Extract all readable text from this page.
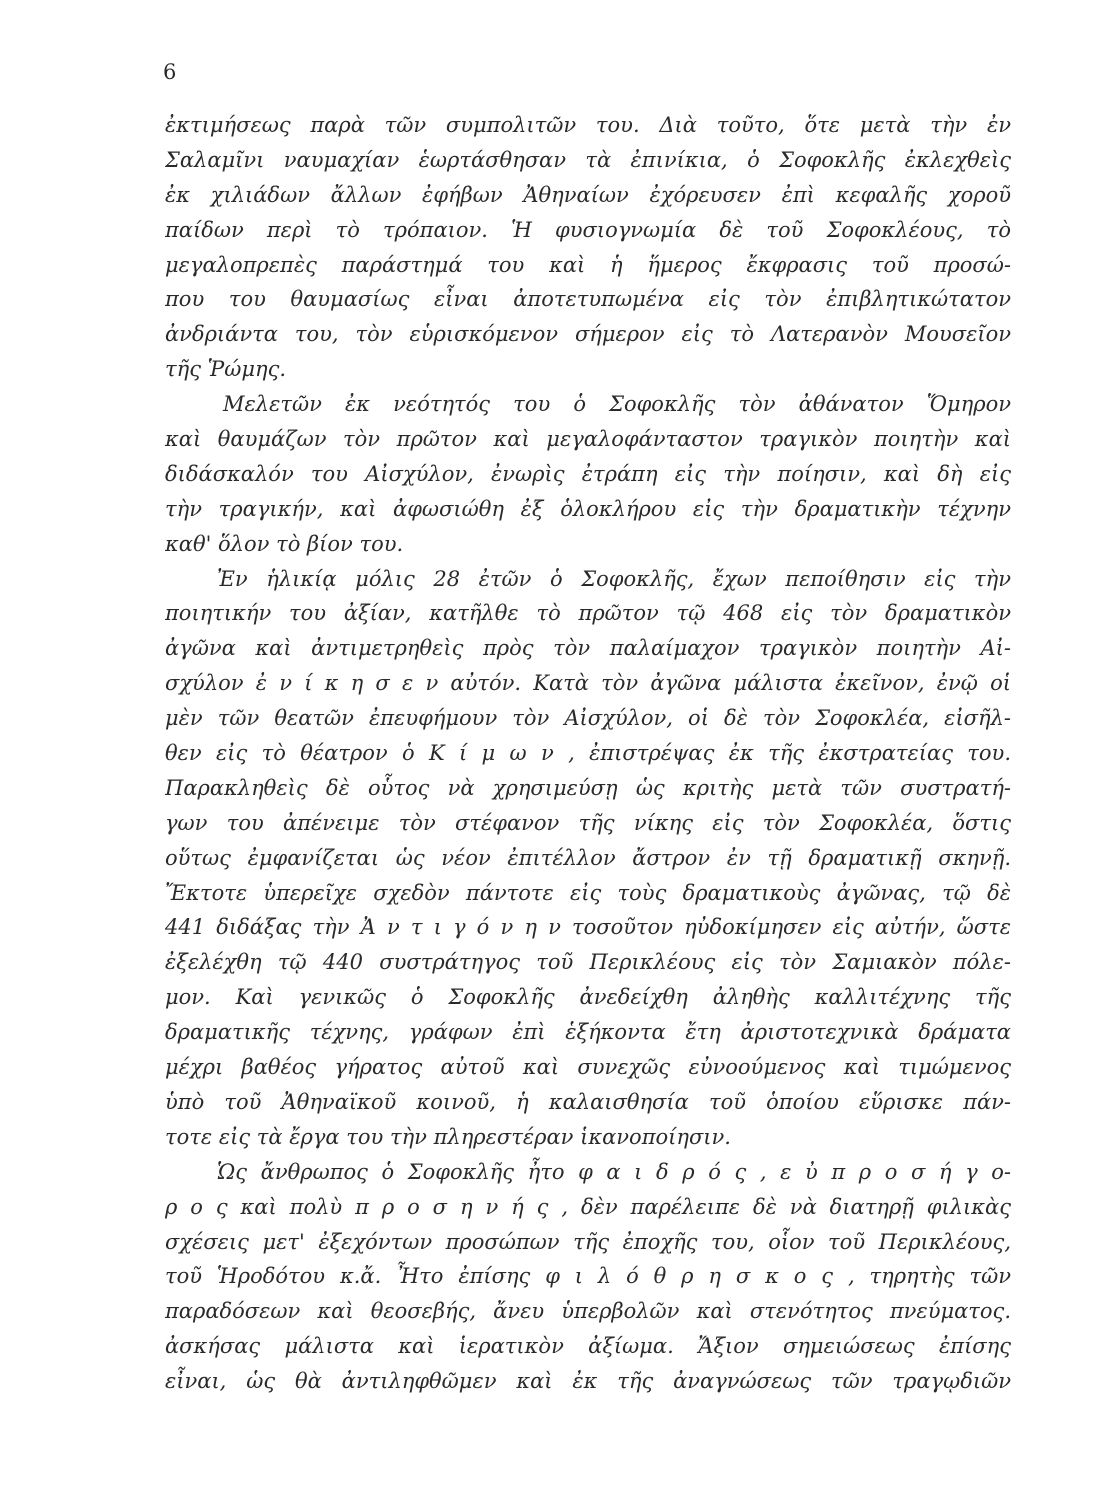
6
ἐκτιμήσεως παρὰ τῶν συμπολιτῶν του. Διὰ τοῦτο, ὅτε μετὰ τὴν ἐν
Σαλαμῖνι ναυμαχίαν ἑωρτάσθησαν τὰ ἐπινίκια, ὁ Σοφοκλῆς ἐκλεχθεὶς
ἐκ χιλιάδων ἄλλων ἐφήβων Ἀθηναίων ἐχόρευσεν ἐπὶ κεφαλῆς χοροῦ
παίδων περὶ τὸ τρόπαιον. Ἡ φυσιογνωμία δὲ τοῦ Σοφοκλέους, τὸ
μεγαλοπρεπὲς παράστημά του καὶ ἡ ἥμερος ἔκφρασις τοῦ προσώ-
που του θαυμασίως εἶναι ἀποτετυπωμένα εἰς τὸν ἐπιβλητικώτατον
ἀνδριάντα του, τὸν εὑρισκόμενον σήμερον εἰς τὸ Λατερανὸν Μουσεῖον
τῆς Ῥώμης.
Μελετῶν ἐκ νεότητός του ὁ Σοφοκλῆς τὸν ἀθάνατον Ὅμηρον
καὶ θαυμάζων τὸν πρῶτον καὶ μεγαλοφάνταστον τραγικὸν ποιητὴν καὶ
διδάσκαλόν του Αἰσχύλον, ἐνωρὶς ἐτράπη εἰς τὴν ποίησιν, καὶ δὴ εἰς
τὴν τραγικήν, καὶ ἀφωσιώθη ἐξ ὁλοκλήρου εἰς τὴν δραματικὴν τέχνην
καθ' ὅλον τὸ βίον του.
Ἐν ἡλικίᾳ μόλις 28 ἐτῶν ὁ Σοφοκλῆς, ἔχων πεποίθησιν εἰς τὴν
ποιητικήν του ἀξίαν, κατῆλθε τὸ πρῶτον τῷ 468 εἰς τὸν δραματικὸν
ἀγῶνα καὶ ἀντιμετρηθεὶς πρὸς τὸν παλαίμαχον τραγικὸν ποιητὴν Αἰ-
σχύλον ἐ ν ί κ η σ ε ν αὐτόν. Κατὰ τὸν ἀγῶνα μάλιστα ἐκεῖνον, ἐνῷ οἱ
μὲν τῶν θεατῶν ἐπευφήμουν τὸν Αἰσχύλον, οἱ δὲ τὸν Σοφοκλέα, εἰσῆλ-
θεν εἰς τὸ θέατρον ὁ Κ ί μ ω ν , ἐπιστρέψας ἐκ τῆς ἐκστρατείας του.
Παρακληθεὶς δὲ οὗτος νὰ χρησιμεύσῃ ὡς κριτὴς μετὰ τῶν συστρατή-
γων του ἀπένειμε τὸν στέφανον τῆς νίκης εἰς τὸν Σοφοκλέα, ὅστις
οὕτως ἐμφανίζεται ὡς νέον ἐπιτέλλον ἄστρον ἐν τῇ δραματικῇ σκηνῇ.
Ἔκτοτε ὑπερεῖχε σχεδὸν πάντοτε εἰς τοὺς δραματικοὺς ἀγῶνας, τῷ δὲ
441 διδάξας τὴν Ἀ ν τ ι γ ό ν η ν τοσοῦτον ηὐδοκίμησεν εἰς αὐτήν, ὥστε
ἐξελέχθη τῷ 440 συστράτηγος τοῦ Περικλέους εἰς τὸν Σαμιακὸν πόλε-
μον. Καὶ γενικῶς ὁ Σοφοκλῆς ἀνεδείχθη ἀληθὴς καλλιτέχνης τῆς
δραματικῆς τέχνης, γράφων ἐπὶ ἑξήκοντα ἔτη ἀριστοτεχνικὰ δράματα
μέχρι βαθέος γήρατος αὐτοῦ καὶ συνεχῶς εὐνοούμενος καὶ τιμώμενος
ὑπὸ τοῦ Ἀθηναϊκοῦ κοινοῦ, ἡ καλαισθησία τοῦ ὁποίου εὕρισκε πάν-
τοτε εἰς τὰ ἔργα του τὴν πληρεστέραν ἱκανοποίησιν.
Ὡς ἄνθρωπος ὁ Σοφοκλῆς ἦτο φ α ι δ ρ ό ς , ε ὐ π ρ ο σ ή γ ο-
ρ ο ς καὶ πολὺ π ρ ο σ η ν ή ς , δὲν παρέλειπε δὲ νὰ διατηρῇ φιλικὰς
σχέσεις μετ' ἐξεχόντων προσώπων τῆς ἐποχῆς του, οἷον τοῦ Περικλέους,
τοῦ Ἡροδότου κ.ἄ. Ἦτο ἐπίσης φ ι λ ό θ ρ η σ κ ο ς , τηρητὴς τῶν
παραδόσεων καὶ θεοσεβής, ἄνευ ὑπερβολῶν καὶ στενότητος πνεύματος.
ἀσκήσας μάλιστα καὶ ἱερατικὸν ἀξίωμα. Ἄξιον σημειώσεως ἐπίσης
εἶναι, ὡς θὰ ἀντιληφθῶμεν καὶ ἐκ τῆς ἀναγνώσεως τῶν τραγῳδιῶν
